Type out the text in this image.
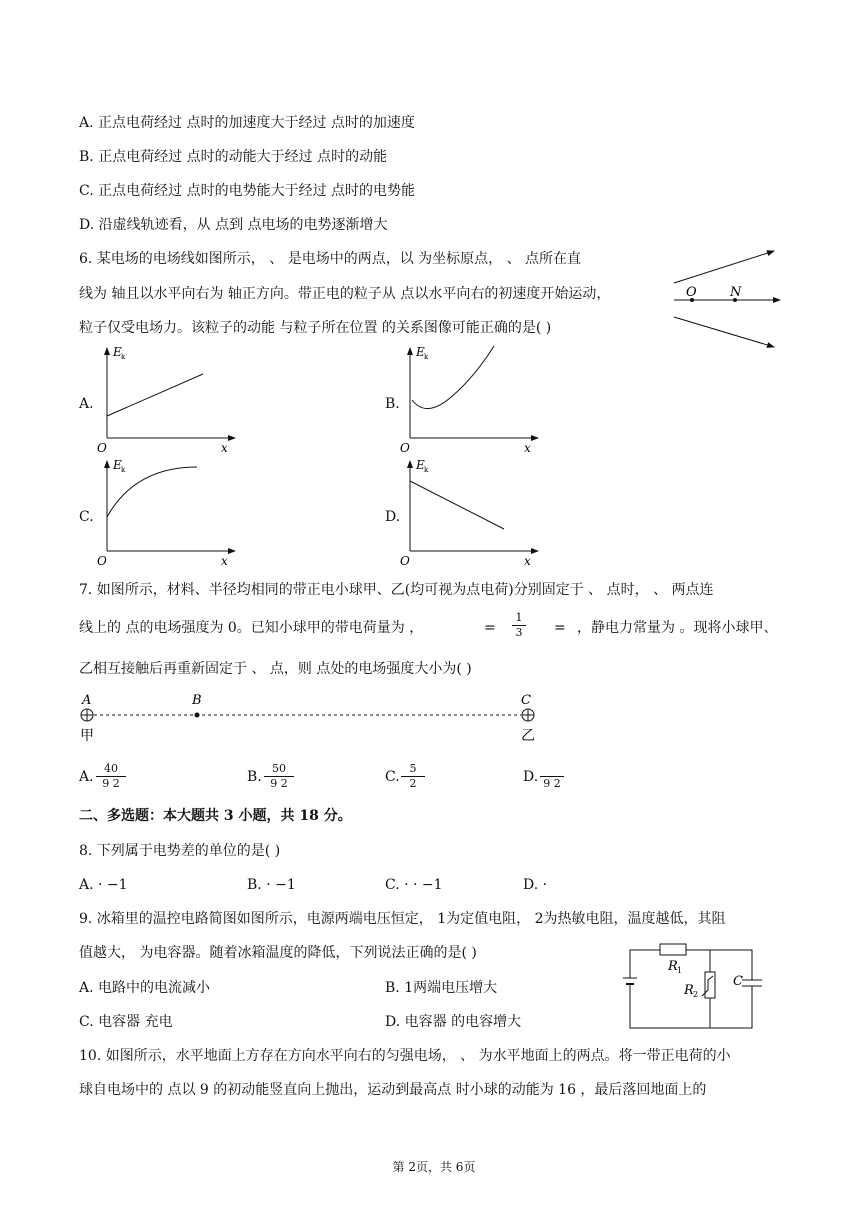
A. 正点电荷经过 点时的加速度大于经过 点时的加速度
B. 正点电荷经过 点时的动能大于经过 点时的动能
C. 正点电荷经过 点时的电势能大于经过 点时的电势能
D. 沿虚线轨迹看，从 点到 点电场的电势逐渐增大
6. 某电场的电场线如图所示， 、 是电场中的两点，以 为坐标原点， 、 点所在直
线为 轴且以水平向右为 轴正方向。带正电的粒子从 点以水平向右的初速度开始运动，
粒子仅受电场力。该粒子的动能 与粒子所在位置 的关系图像可能正确的是( )
O	N
A.
E k
x
O
B.
E k
x
O
C.
E k
x
O
D.
E k
x
O
7. 如图所示，材料、半径均相同的带正电小球甲、乙(均可视为点电荷)分别固定于 、 点时， 、 两点连
线上的 点的电场强度为 0。已知小球甲的带电荷量为 ，	=
1
3 = ，静电力常量为 。现将小球甲、
乙相互接触后再重新固定于 、 点，则 点处的电场强度大小为( )
A	B	C
甲	乙
A.
40
9 2	B.
50
9 2	C.
5
2	D. 9 2
二、多选题：本大题共 3 小题，共 18 分。
8. 下列属于电势差的单位的是( )
A. · −1	B. · −1	C. · · −1	D. ·
9. 冰箱里的温控电路简图如图所示，电源两端电压恒定， 1为定值电阻， 2为热敏电阻，温度越低，其阻
值越大， 为电容器。随着冰箱温度的降低，下列说法正确的是( )
A. 电路中的电流减小	B. 1两端电压增大
C. 电容器 充电	D. 电容器 的电容增大
R 1
R 2
C
10. 如图所示，水平地面上方存在方向水平向右的匀强电场， 、 为水平地面上的两点。将一带正电荷的小
球自电场中的 点以 9 的初动能竖直向上抛出，运动到最高点 时小球的动能为 16 ，最后落回地面上的
第 2页，共 6页
